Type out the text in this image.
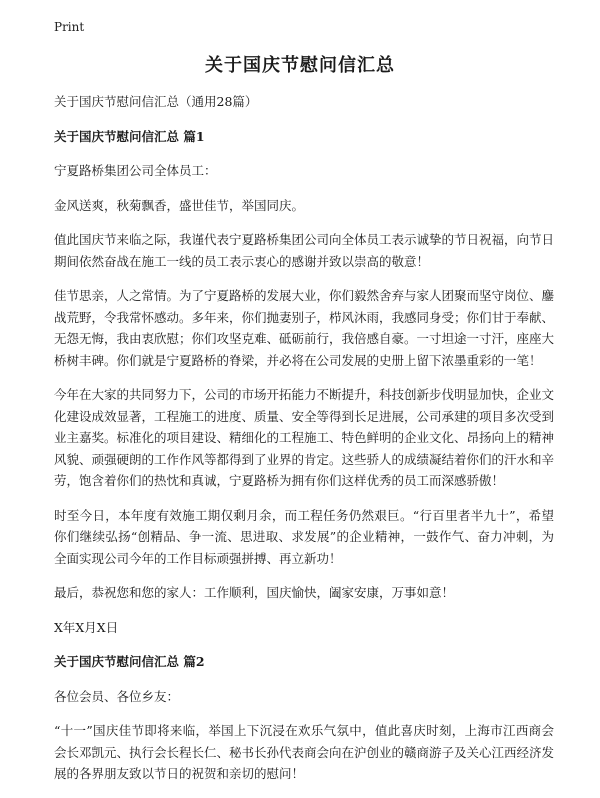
Print
关于国庆节慰问信汇总

关于国庆节慰问信汇总（通用28篇）

关于国庆节慰问信汇总 篇1

宁夏路桥集团公司全体员工：

金风送爽，秋菊飘香，盛世佳节，举国同庆。

值此国庆节来临之际，我谨代表宁夏路桥集团公司向全体员工表示诚挚的节日祝福，向节日期间依然奋战在施工一线的员工表示衷心的感谢并致以崇高的敬意！

佳节思亲，人之常情。为了宁夏路桥的发展大业，你们毅然舍弃与家人团聚而坚守岗位、鏖战荒野，令我常怀感动。多年来，你们抛妻别子，栉风沐雨，我感同身受；你们甘于奉献、无怨无悔，我由衷欣慰；你们攻坚克难、砥砺前行，我倍感自豪。一寸坦途一寸汗，座座大桥树丰碑。你们就是宁夏路桥的脊梁，并必将在公司发展的史册上留下浓墨重彩的一笔！

今年在大家的共同努力下，公司的市场开拓能力不断提升，科技创新步伐明显加快，企业文化建设成效显著，工程施工的进度、质量、安全等得到长足进展，公司承建的项目多次受到业主嘉奖。标准化的项目建设、精细化的工程施工、特色鲜明的企业文化、昂扬向上的精神风貌、顽强硬朗的工作作风等都得到了业界的肯定。这些骄人的成绩凝结着你们的汗水和辛劳，饱含着你们的热忱和真诚，宁夏路桥为拥有你们这样优秀的员工而深感骄傲！

时至今日，本年度有效施工期仅剩月余，而工程任务仍然艰巨。“行百里者半九十”，希望你们继续弘扬“创精品、争一流、思进取、求发展”的企业精神，一鼓作气、奋力冲刺，为全面实现公司今年的工作目标顽强拼搏、再立新功！

最后，恭祝您和您的家人：工作顺利，国庆愉快，阖家安康，万事如意！

X年X月X日

关于国庆节慰问信汇总 篇2

各位会员、各位乡友：

“十一”国庆佳节即将来临，举国上下沉浸在欢乐气氛中，值此喜庆时刻，上海市江西商会会长邓凯元、执行会长程长仁、秘书长孙代表商会向在沪创业的赣商游子及关心江西经济发展的各界朋友致以节日的祝贺和亲切的慰问！
